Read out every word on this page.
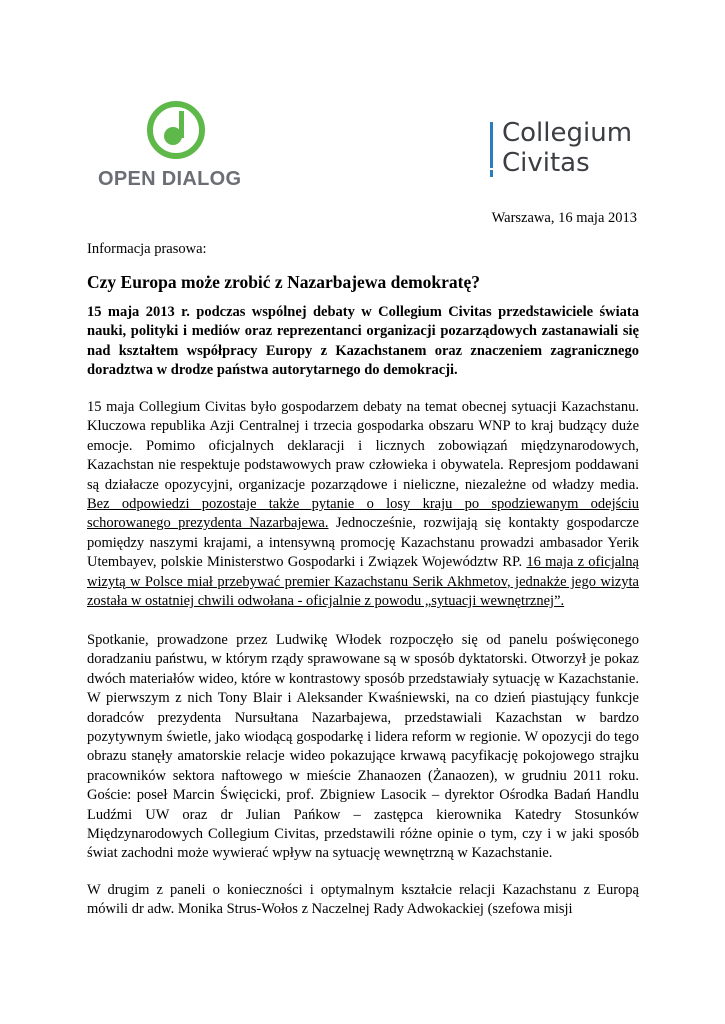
OPEN DIALOG
Collegium
Civitas
Warszawa, 16 maja 2013
Informacja prasowa:
Czy Europa może zrobić z Nazarbajewa demokratę?

15 maja 2013 r. podczas wspólnej debaty w Collegium Civitas przedstawiciele świata nauki, polityki i mediów oraz reprezentanci organizacji pozarządowych zastanawiali się nad kształtem współpracy Europy z Kazachstanem oraz znaczeniem zagranicznego doradztwa w drodze państwa autorytarnego do demokracji.

15 maja Collegium Civitas było gospodarzem debaty na temat obecnej sytuacji Kazachstanu. Kluczowa republika Azji Centralnej i trzecia gospodarka obszaru WNP to kraj budzący duże emocje. Pomimo oficjalnych deklaracji i licznych zobowiązań międzynarodowych, Kazachstan nie respektuje podstawowych praw człowieka i obywatela. Represjom poddawani są działacze opozycyjni, organizacje pozarządowe i nieliczne, niezależne od władzy media. Bez odpowiedzi pozostaje także pytanie o losy kraju po spodziewanym odejściu schorowanego prezydenta Nazarbajewa. Jednocześnie, rozwijają się kontakty gospodarcze pomiędzy naszymi krajami, a intensywną promocję Kazachstanu prowadzi ambasador Yerik Utembayev, polskie Ministerstwo Gospodarki i Związek Województw RP. 16 maja z oficjalną wizytą w Polsce miał przebywać premier Kazachstanu Serik Akhmetov, jednakże jego wizyta została w ostatniej chwili odwołana - oficjalnie z powodu „sytuacji wewnętrznej”.

Spotkanie, prowadzone przez Ludwikę Włodek rozpoczęło się od panelu poświęconego doradzaniu państwu, w którym rządy sprawowane są w sposób dyktatorski. Otworzył je pokaz dwóch materiałów wideo, które w kontrastowy sposób przedstawiały sytuację w Kazachstanie. W pierwszym z nich Tony Blair i Aleksander Kwaśniewski, na co dzień piastujący funkcje doradców prezydenta Nursułtana Nazarbajewa, przedstawiali Kazachstan w bardzo pozytywnym świetle, jako wiodącą gospodarkę i lidera reform w regionie. W opozycji do tego obrazu stanęły amatorskie relacje wideo pokazujące krwawą pacyfikację pokojowego strajku pracowników sektora naftowego w mieście Zhanaozen (Żanaozen), w grudniu 2011 roku. Goście: poseł Marcin Święcicki, prof. Zbigniew Lasocik – dyrektor Ośrodka Badań Handlu Ludźmi UW oraz dr Julian Pańkow – zastępca kierownika Katedry Stosunków Międzynarodowych Collegium Civitas, przedstawili różne opinie o tym, czy i w jaki sposób świat zachodni może wywierać wpływ na sytuację wewnętrzną w Kazachstanie.

W drugim z paneli o konieczności i optymalnym kształcie relacji Kazachstanu z Europą mówili dr adw. Monika Strus-Wołos z Naczelnej Rady Adwokackiej (szefowa misji
